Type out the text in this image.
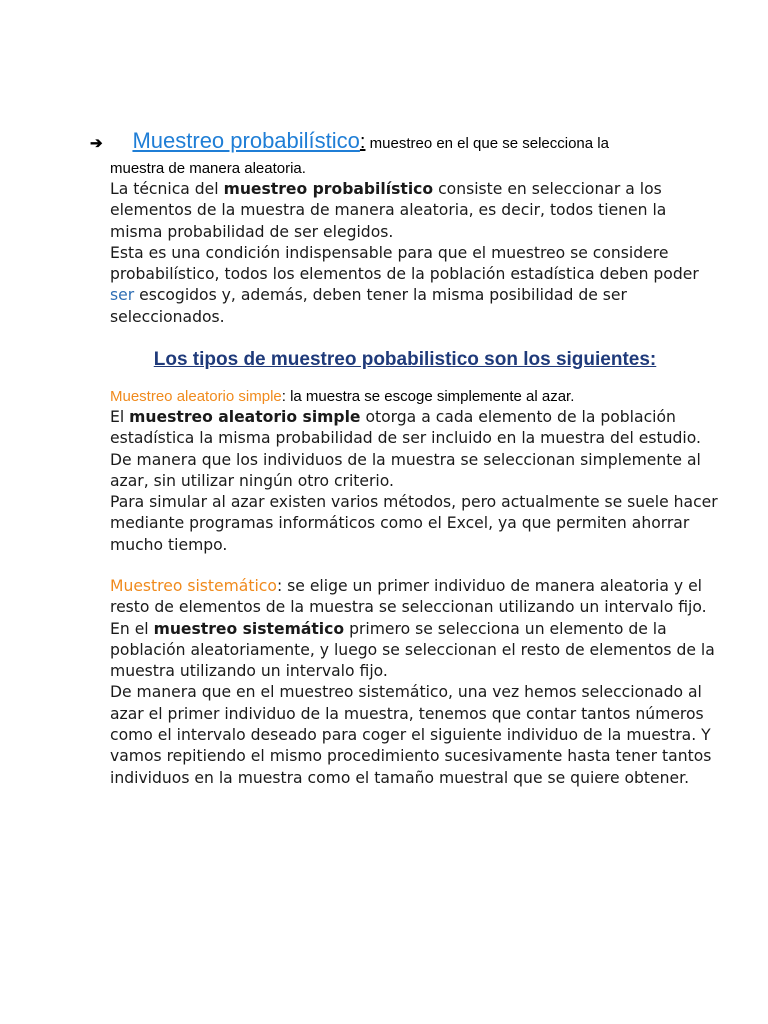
➔ Muestreo probabilístico: muestreo en el que se selecciona la
muestra de manera aleatoria.

La técnica del muestreo probabilístico consiste en seleccionar a los elementos de la muestra de manera aleatoria, es decir, todos tienen la misma probabilidad de ser elegidos.

Esta es una condición indispensable para que el muestreo se considere probabilístico, todos los elementos de la población estadística deben poder ser escogidos y, además, deben tener la misma posibilidad de ser seleccionados.

Los tipos de muestreo pobabilistico son los siguientes:
Muestreo aleatorio simple: la muestra se escoge simplemente al azar.

El muestreo aleatorio simple otorga a cada elemento de la población estadística la misma probabilidad de ser incluido en la muestra del estudio. De manera que los individuos de la muestra se seleccionan simplemente al azar, sin utilizar ningún otro criterio.

Para simular al azar existen varios métodos, pero actualmente se suele hacer mediante programas informáticos como el Excel, ya que permiten ahorrar mucho tiempo.

Muestreo sistemático: se elige un primer individuo de manera aleatoria y el resto de elementos de la muestra se seleccionan utilizando un intervalo fijo.

En el muestreo sistemático primero se selecciona un elemento de la población aleatoriamente, y luego se seleccionan el resto de elementos de la muestra utilizando un intervalo fijo.

De manera que en el muestreo sistemático, una vez hemos seleccionado al azar el primer individuo de la muestra, tenemos que contar tantos números como el intervalo deseado para coger el siguiente individuo de la muestra. Y vamos repitiendo el mismo procedimiento sucesivamente hasta tener tantos individuos en la muestra como el tamaño muestral que se quiere obtener.
